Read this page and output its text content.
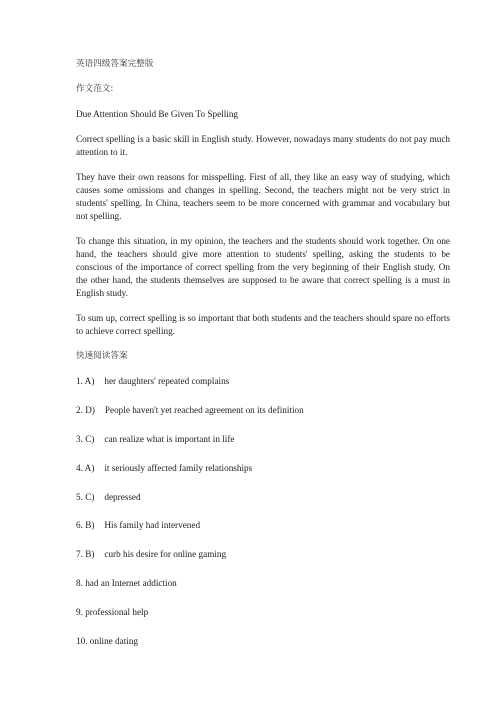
英语四级答案完整版

作文范文:

Due Attention Should Be Given To Spelling

Correct spelling is a basic skill in English study. However, nowadays many students do not pay much attention to it.

They have their own reasons for misspelling. First of all, they like an easy way of studying, which causes some omissions and changes in spelling. Second, the teachers might not be very strict in students' spelling. In China, teachers seem to be more concerned with grammar and vocabulary but not spelling.

To change this situation, in my opinion, the teachers and the students should work together. On one hand, the teachers should give more attention to students' spelling, asking the students to be conscious of the importance of correct spelling from the very beginning of their English study. On the other hand, the students themselves are supposed to be aware that correct spelling is a must in English study.

To sum up, correct spelling is so important that both students and the teachers should spare no efforts to achieve correct spelling.

快速阅读答案

1. A) her daughters' repeated complains
2. D) People haven't yet reached agreement on its definition
3. C) can realize what is important in life
4. A) it seriously affected family relationships
5. C) depressed
6. B) His family had intervened
7. B) curb his desire for online gaming
8. had an Internet addiction
9. professional help
10. online dating
